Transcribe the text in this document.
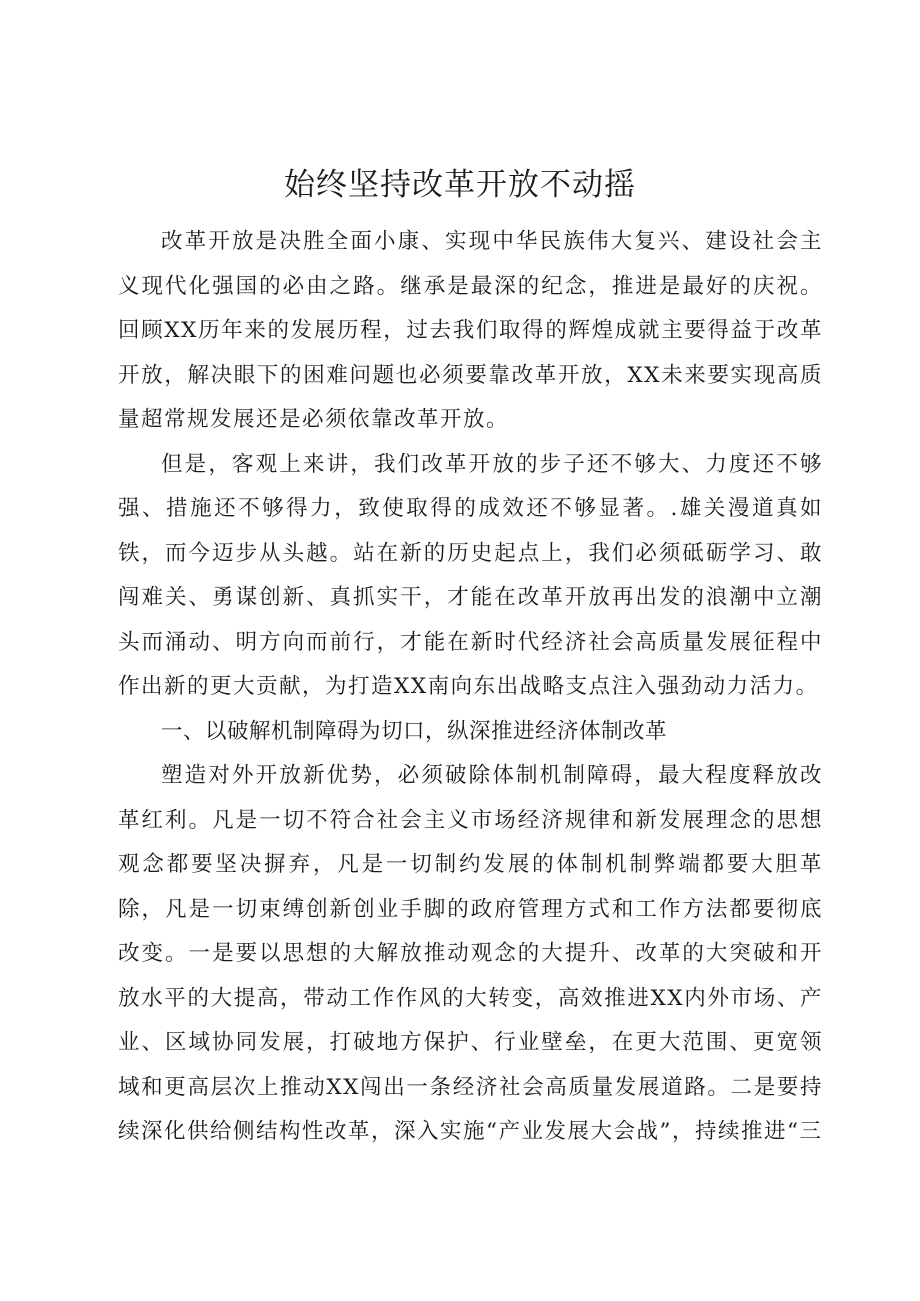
始终坚持改革开放不动摇

改革开放是决胜全面小康、实现中华民族伟大复兴、建设社会主义现代化强国的必由之路。继承是最深的纪念，推进是最好的庆祝。回顾XX历年来的发展历程，过去我们取得的辉煌成就主要得益于改革开放，解决眼下的困难问题也必须要靠改革开放，XX未来要实现高质量超常规发展还是必须依靠改革开放。

但是，客观上来讲，我们改革开放的步子还不够大、力度还不够强、措施还不够得力，致使取得的成效还不够显著。.雄关漫道真如铁，而今迈步从头越。站在新的历史起点上，我们必须砥砺学习、敢闯难关、勇谋创新、真抓实干，才能在改革开放再出发的浪潮中立潮头而涌动、明方向而前行，才能在新时代经济社会高质量发展征程中作出新的更大贡献，为打造XX南向东出战略支点注入强劲动力活力。

一、以破解机制障碍为切口，纵深推进经济体制改革

塑造对外开放新优势，必须破除体制机制障碍，最大程度释放改革红利。凡是一切不符合社会主义市场经济规律和新发展理念的思想观念都要坚决摒弃，凡是一切制约发展的体制机制弊端都要大胆革除，凡是一切束缚创新创业手脚的政府管理方式和工作方法都要彻底改变。一是要以思想的大解放推动观念的大提升、改革的大突破和开放水平的大提高，带动工作作风的大转变，高效推进XX内外市场、产业、区域协同发展，打破地方保护、行业壁垒，在更大范围、更宽领域和更高层次上推动XX闯出一条经济社会高质量发展道路。二是要持续深化供给侧结构性改革，深入实施“产业发展大会战”，持续推进“三
